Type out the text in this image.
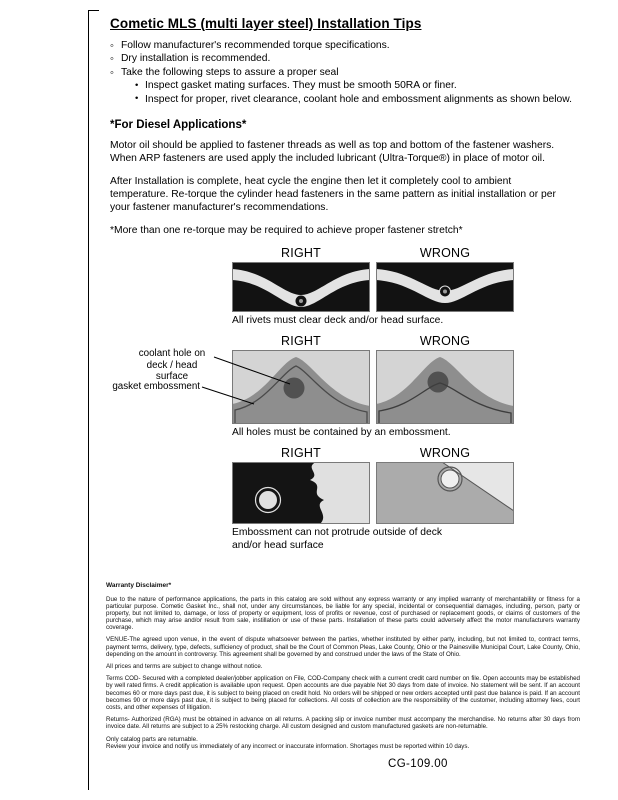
Cometic MLS (multi layer steel) Installation Tips
◦ Follow manufacturer's recommended torque specifications.
◦ Dry installation is recommended.
◦ Take the following steps to assure a proper seal
• Inspect gasket mating surfaces. They must be smooth 50RA or finer.
• Inspect for proper, rivet clearance, coolant hole and embossment alignments as shown below.
*For Diesel Applications*

Motor oil should be applied to fastener threads as well as top and bottom of the fastener washers. When ARP fasteners are used apply the included lubricant (Ultra-Torque®) in place of motor oil.

After Installation is complete, heat cycle the engine then let it completely cool to ambient temperature. Re-torque the cylinder head fasteners in the same pattern as initial installation or per your fastener manufacturer's recommendations.

*More than one re-torque may be required to achieve proper fastener stretch*

RIGHT	WRONG
All rivets must clear deck and/or head surface.
coolant hole on deck / head surface
gasket embossment
RIGHT	WRONG
All holes must be contained by an embossment.
RIGHT	WRONG
Embossment can not protrude outside of deck and/or head surface

Warranty Disclaimer*

Due to the nature of performance applications, the parts in this catalog are sold without any express warranty or any implied warranty of merchantability or fitness for a particular purpose. Cometic Gasket Inc., shall not, under any circumstances, be liable for any special, incidental or consequential damages, including, person, party or property, but not limited to, damage, or loss of property or equipment, loss of profits or revenue, cost of purchased or replacement goods, or claims of customers of the purchase, which may arise and/or result from sale, instillation or use of these parts. Installation of these parts could adversely affect the motor manufacturers warranty coverage.

VENUE-The agreed upon venue, in the event of dispute whatsoever between the parties, whether instituted by either party, including, but not limited to, contract terms, payment terms, delivery, type, defects, sufficiency of product, shall be the Court of Common Pleas, Lake County, Ohio or the Painesville Municipal Court, Lake County, Ohio, depending on the amount in controversy. This agreement shall be governed by and construed under the laws of the State of Ohio.

All prices and terms are subject to change without notice.

Terms COD- Secured with a completed dealer/jobber application on File, COD-Company check with a current credit card number on file. Open accounts may be established by well rated firms. A credit application is available upon request. Open accounts are due payable Net 30 days from date of invoice. No statement will be sent. If an account becomes 60 or more days past due, it is subject to being placed on credit hold. No orders will be shipped or new orders accepted until past due balance is paid. If an account becomes 90 or more days past due, it is subject to being placed for collections. All costs of collection are the responsibility of the customer, including attorney fees, court costs, and other expenses of litigation.

Returns- Authorized (RGA) must be obtained in advance on all returns. A packing slip or invoice number must accompany the merchandise. No returns after 30 days from invoice date. All returns are subject to a 25% restocking charge. All custom designed and custom manufactured gaskets are non-returnable.

Only catalog parts are returnable.

Review your invoice and notify us immediately of any incorrect or inaccurate information. Shortages must be reported within 10 days.

CG-109.00
